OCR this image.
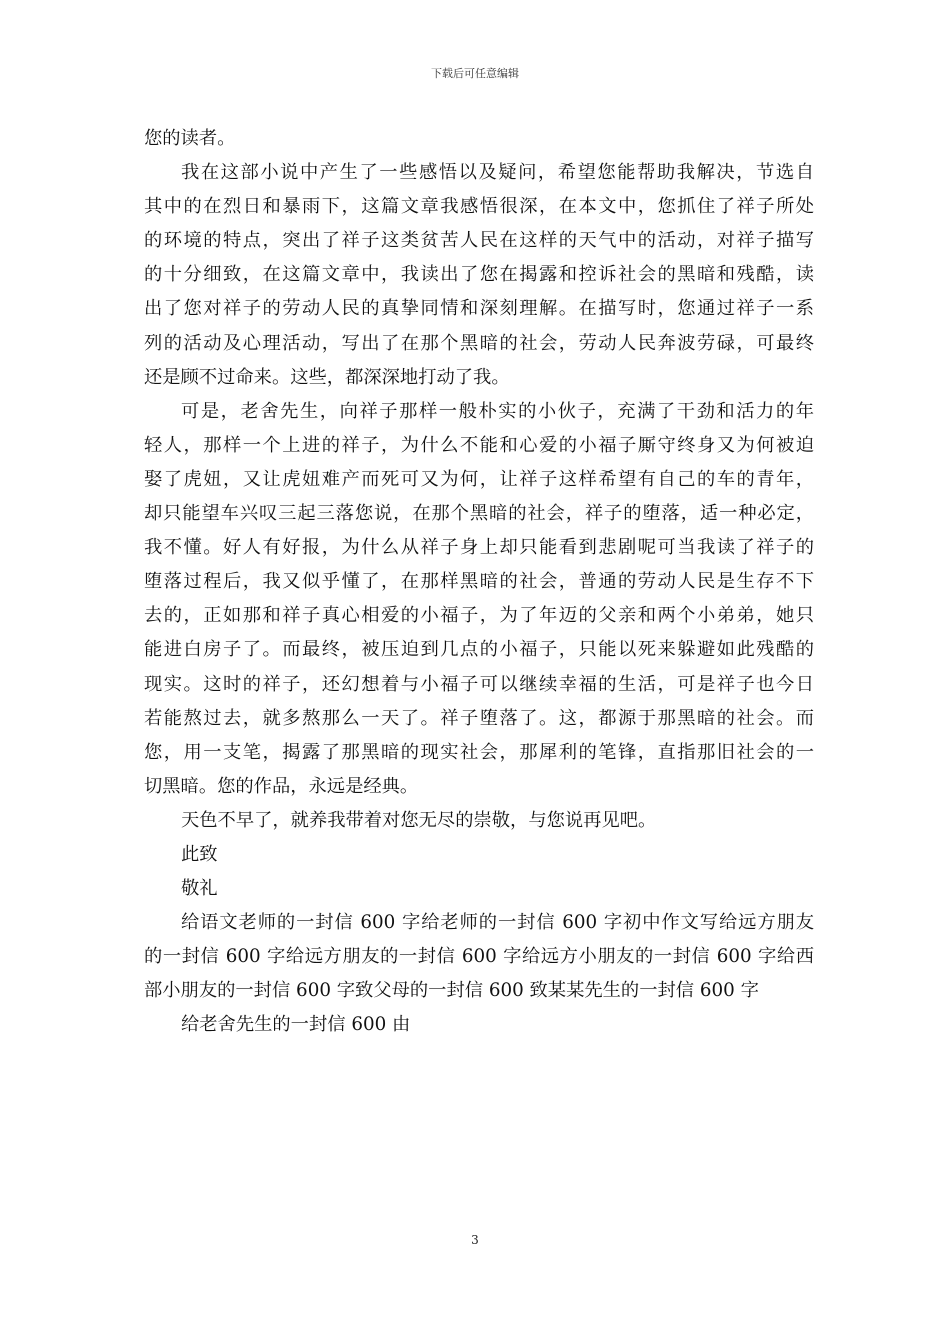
下载后可任意编辑
您的读者。
我在这部小说中产生了一些感悟以及疑问，希望您能帮助我解决，节选自
其中的在烈日和暴雨下，这篇文章我感悟很深，在本文中，您抓住了祥子所处
的环境的特点，突出了祥子这类贫苦人民在这样的天气中的活动，对祥子描写
的十分细致，在这篇文章中，我读出了您在揭露和控诉社会的黑暗和残酷，读
出了您对祥子的劳动人民的真挚同情和深刻理解。在描写时，您通过祥子一系
列的活动及心理活动，写出了在那个黑暗的社会，劳动人民奔波劳碌，可最终
还是顾不过命来。这些，都深深地打动了我。
可是，老舍先生，向祥子那样一般朴实的小伙子，充满了干劲和活力的年
轻人，那样一个上进的祥子，为什么不能和心爱的小福子厮守终身又为何被迫
娶了虎妞，又让虎妞难产而死可又为何，让祥子这样希望有自己的车的青年，
却只能望车兴叹三起三落您说，在那个黑暗的社会，祥子的堕落，适一种必定，
我不懂。好人有好报，为什么从祥子身上却只能看到悲剧呢可当我读了祥子的
堕落过程后，我又似乎懂了，在那样黑暗的社会，普通的劳动人民是生存不下
去的，正如那和祥子真心相爱的小福子，为了年迈的父亲和两个小弟弟，她只
能进白房子了。而最终，被压迫到几点的小福子，只能以死来躲避如此残酷的
现实。这时的祥子，还幻想着与小福子可以继续幸福的生活，可是祥子也今日
若能熬过去，就多熬那么一天了。祥子堕落了。这，都源于那黑暗的社会。而
您，用一支笔，揭露了那黑暗的现实社会，那犀利的笔锋，直指那旧社会的一
切黑暗。您的作品，永远是经典。
天色不早了，就养我带着对您无尽的崇敬，与您说再见吧。
此致
敬礼
给语文老师的一封信 600 字给老师的一封信 600 字初中作文写给远方朋友
的一封信 600 字给远方朋友的一封信 600 字给远方小朋友的一封信 600 字给西
部小朋友的一封信 600 字致父母的一封信 600 致某某先生的一封信 600 字
给老舍先生的一封信 600 由
3
